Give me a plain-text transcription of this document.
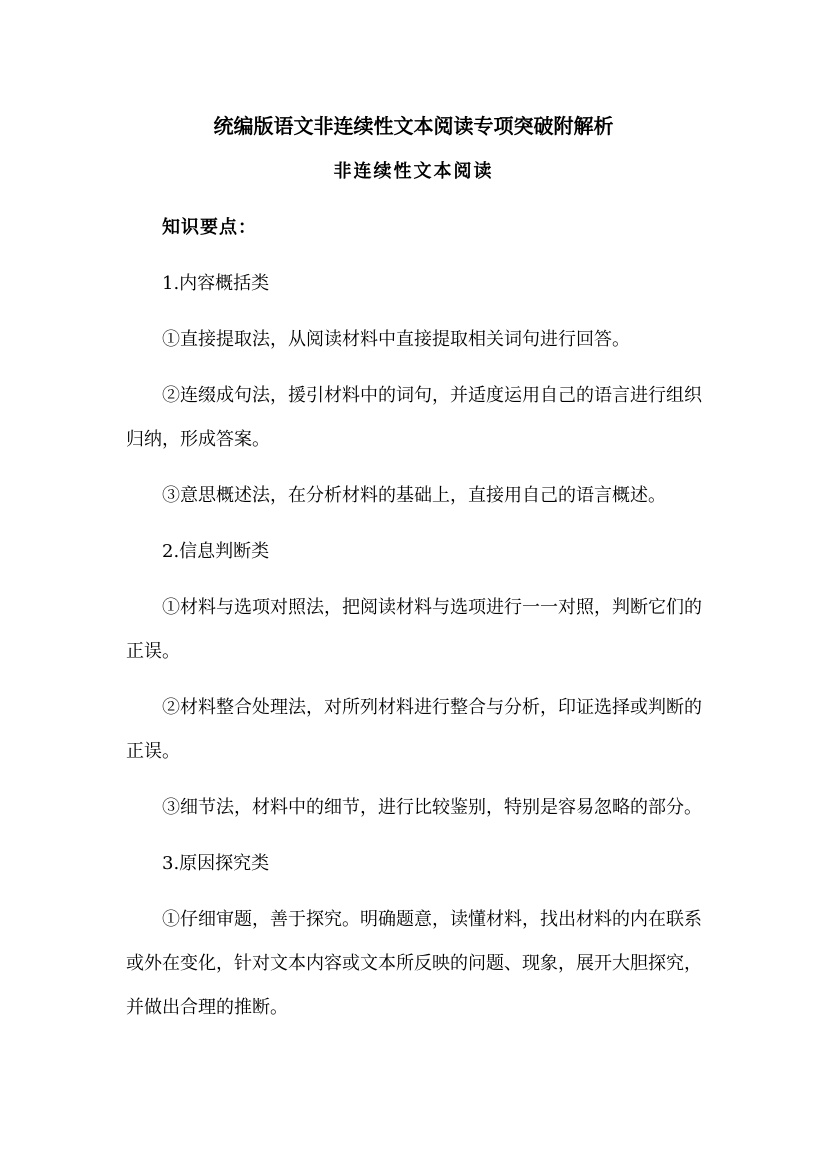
统编版语文非连续性文本阅读专项突破附解析
非连续性文本阅读

知识要点：

1.内容概括类

①直接提取法，从阅读材料中直接提取相关词句进行回答。

②连缀成句法，援引材料中的词句，并适度运用自己的语言进行组织归纳，形成答案。

③意思概述法，在分析材料的基础上，直接用自己的语言概述。

2.信息判断类

①材料与选项对照法，把阅读材料与选项进行一一对照，判断它们的正误。

②材料整合处理法，对所列材料进行整合与分析，印证选择或判断的正误。

③细节法，材料中的细节，进行比较鉴别，特别是容易忽略的部分。

3.原因探究类

①仔细审题，善于探究。明确题意，读懂材料，找出材料的内在联系或外在变化，针对文本内容或文本所反映的问题、现象，展开大胆探究，并做出合理的推断。
